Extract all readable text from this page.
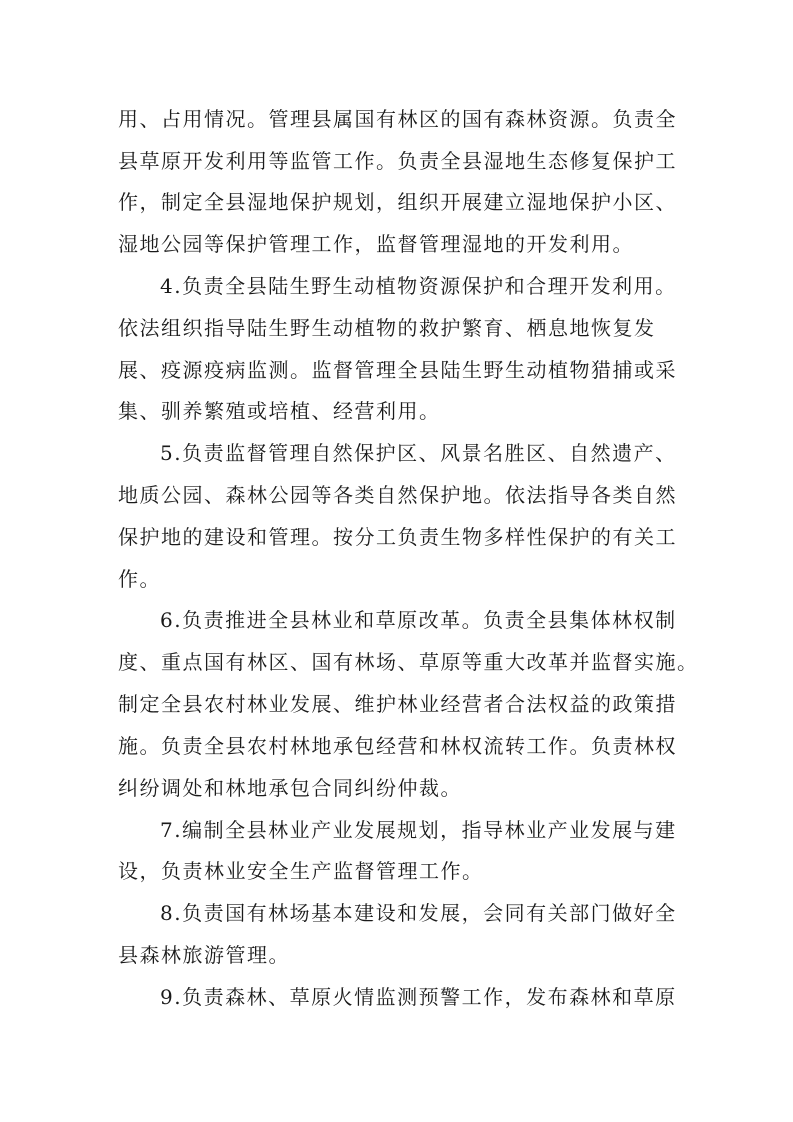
用、占用情况。管理县属国有林区的国有森林资源。负责全
县草原开发利用等监管工作。负责全县湿地生态修复保护工
作，制定全县湿地保护规划，组织开展建立湿地保护小区、
湿地公园等保护管理工作，监督管理湿地的开发利用。
4.负责全县陆生野生动植物资源保护和合理开发利用。
依法组织指导陆生野生动植物的救护繁育、栖息地恢复发
展、疫源疫病监测。监督管理全县陆生野生动植物猎捕或采
集、驯养繁殖或培植、经营利用。
5.负责监督管理自然保护区、风景名胜区、自然遗产、
地质公园、森林公园等各类自然保护地。依法指导各类自然
保护地的建设和管理。按分工负责生物多样性保护的有关工
作。
6.负责推进全县林业和草原改革。负责全县集体林权制
度、重点国有林区、国有林场、草原等重大改革并监督实施。
制定全县农村林业发展、维护林业经营者合法权益的政策措
施。负责全县农村林地承包经营和林权流转工作。负责林权
纠纷调处和林地承包合同纠纷仲裁。
7.编制全县林业产业发展规划，指导林业产业发展与建
设，负责林业安全生产监督管理工作。
8.负责国有林场基本建设和发展，会同有关部门做好全
县森林旅游管理。
9.负责森林、草原火情监测预警工作，发布森林和草原
